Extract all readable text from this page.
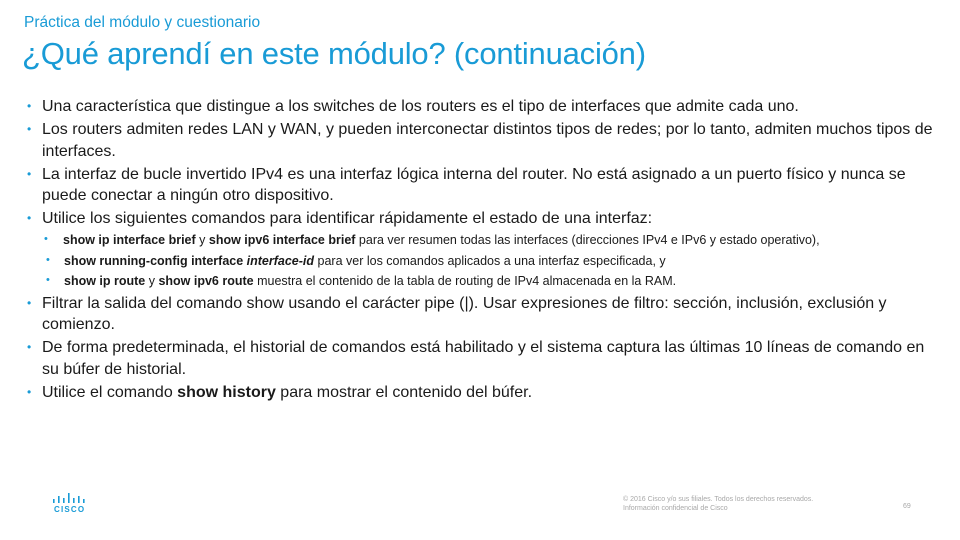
Práctica del módulo y cuestionario
¿Qué aprendí en este módulo? (continuación)
• Una característica que distingue a los switches de los routers es el tipo de interfaces que admite cada uno.
• Los routers admiten redes LAN y WAN, y pueden interconectar distintos tipos de redes; por lo tanto, admiten muchos tipos de interfaces.
• La interfaz de bucle invertido IPv4 es una interfaz lógica interna del router. No está asignado a un puerto físico y nunca se puede conectar a ningún otro dispositivo.
• Utilice los siguientes comandos para identificar rápidamente el estado de una interfaz:
• show ip interface brief y show ipv6 interface brief para ver resumen todas las interfaces (direcciones IPv4 e IPv6 y estado operativo),
• show running-config interface interface-id para ver los comandos aplicados a una interfaz especificada, y
• show ip route y show ipv6 route muestra el contenido de la tabla de routing de IPv4 almacenada en la RAM.
• Filtrar la salida del comando show usando el carácter pipe (|). Usar expresiones de filtro: sección, inclusión, exclusión y comienzo.
• De forma predeterminada, el historial de comandos está habilitado y el sistema captura las últimas 10 líneas de comando en su búfer de historial.
• Utilice el comando show history para mostrar el contenido del búfer.
CISCO
© 2016 Cisco y/o sus filiales. Todos los derechos reservados.
Información confidencial de Cisco	69
